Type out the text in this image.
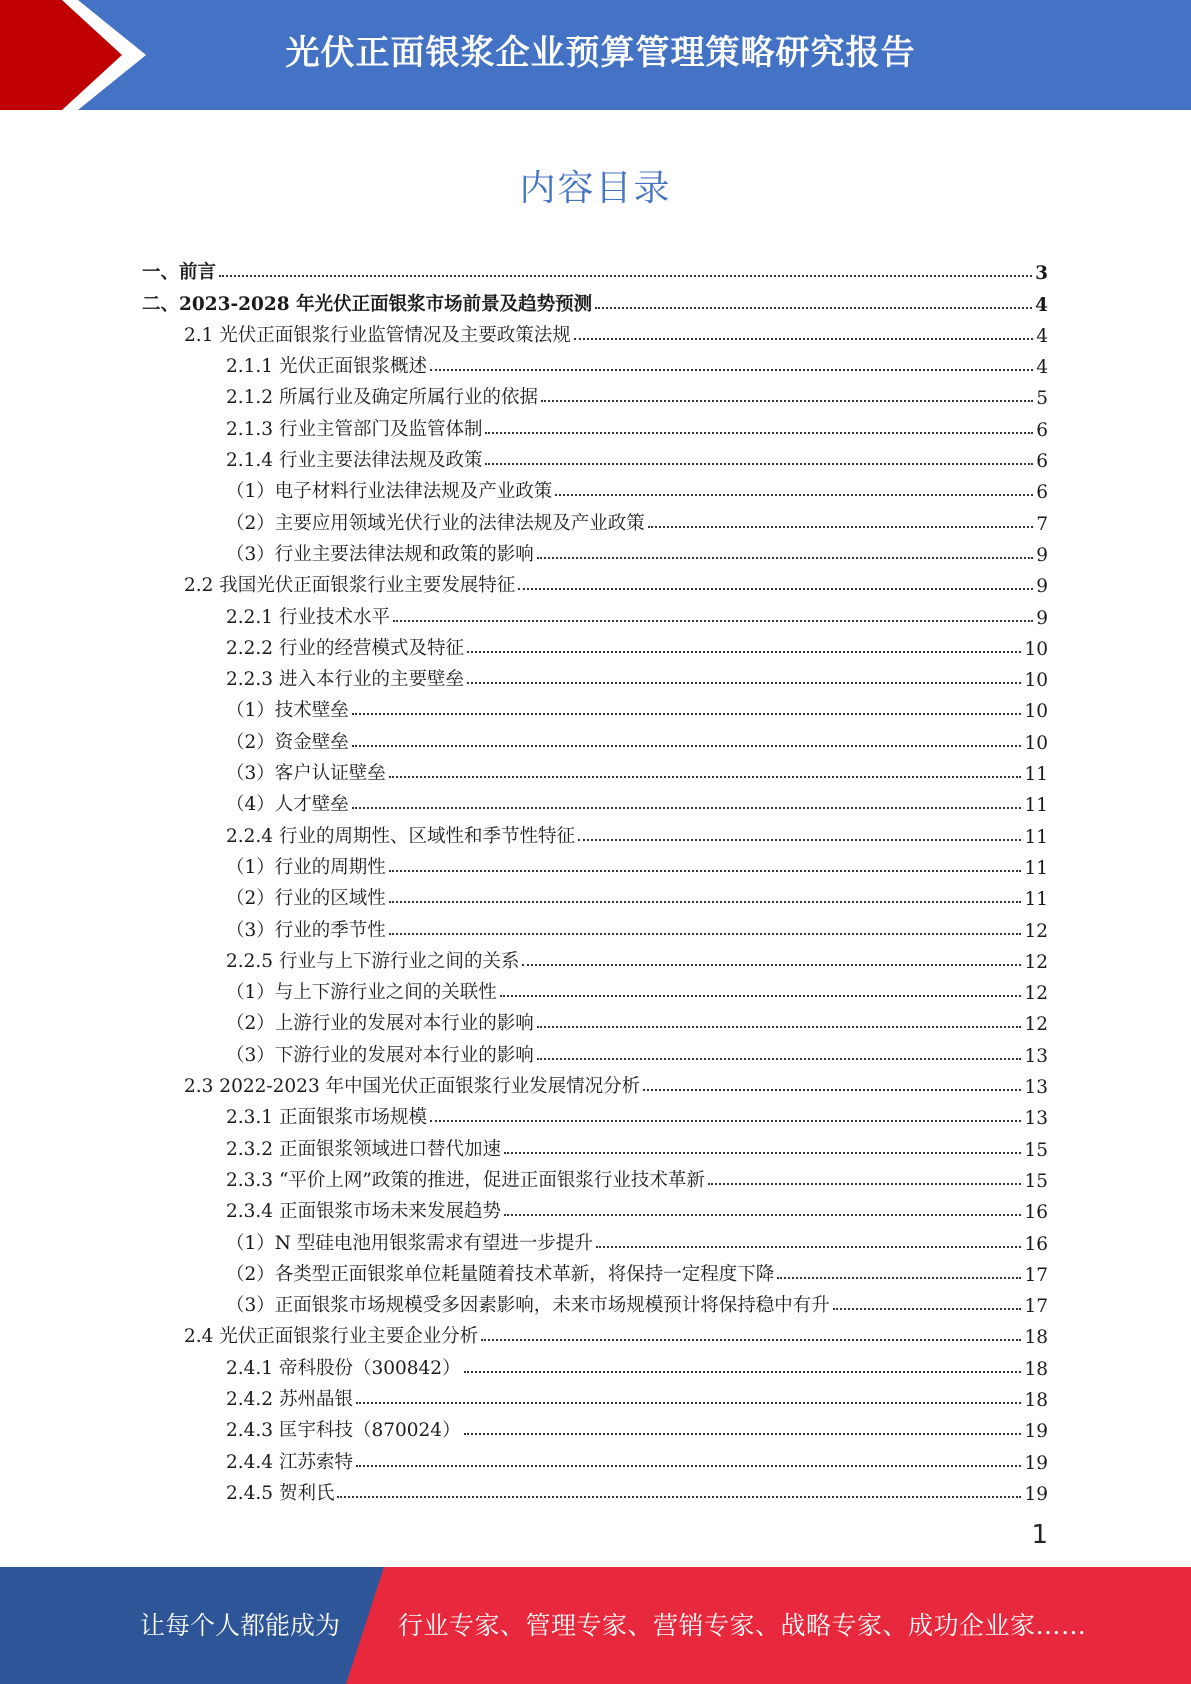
光伏正面银浆企业预算管理策略研究报告
内容目录
一、前言	3
二、2023-2028 年光伏正面银浆市场前景及趋势预测	4
2.1 光伏正面银浆行业监管情况及主要政策法规	4
2.1.1 光伏正面银浆概述	4
2.1.2 所属行业及确定所属行业的依据	5
2.1.3 行业主管部门及监管体制	6
2.1.4 行业主要法律法规及政策	6
（1）电子材料行业法律法规及产业政策	6
（2）主要应用领域光伏行业的法律法规及产业政策	7
（3）行业主要法律法规和政策的影响	9
2.2 我国光伏正面银浆行业主要发展特征	9
2.2.1 行业技术水平	9
2.2.2 行业的经营模式及特征	10
2.2.3 进入本行业的主要壁垒	10
（1）技术壁垒	10
（2）资金壁垒	10
（3）客户认证壁垒	11
（4）人才壁垒	11
2.2.4 行业的周期性、区域性和季节性特征	11
（1）行业的周期性	11
（2）行业的区域性	11
（3）行业的季节性	12
2.2.5 行业与上下游行业之间的关系	12
（1）与上下游行业之间的关联性	12
（2）上游行业的发展对本行业的影响	12
（3）下游行业的发展对本行业的影响	13
2.3 2022-2023 年中国光伏正面银浆行业发展情况分析	13
2.3.1 正面银浆市场规模	13
2.3.2 正面银浆领域进口替代加速	15
2.3.3 “平价上网”政策的推进，促进正面银浆行业技术革新	15
2.3.4 正面银浆市场未来发展趋势	16
（1）N 型硅电池用银浆需求有望进一步提升	16
（2）各类型正面银浆单位耗量随着技术革新，将保持一定程度下降	17
（3）正面银浆市场规模受多因素影响，未来市场规模预计将保持稳中有升	17
2.4 光伏正面银浆行业主要企业分析	18
2.4.1 帝科股份（300842）	18
2.4.2 苏州晶银	18
2.4.3 匡宇科技（870024）	19
2.4.4 江苏索特	19
2.4.5 贺利氏	19
1
让每个人都能成为 行业专家、管理专家、营销专家、战略专家、成功企业家……
